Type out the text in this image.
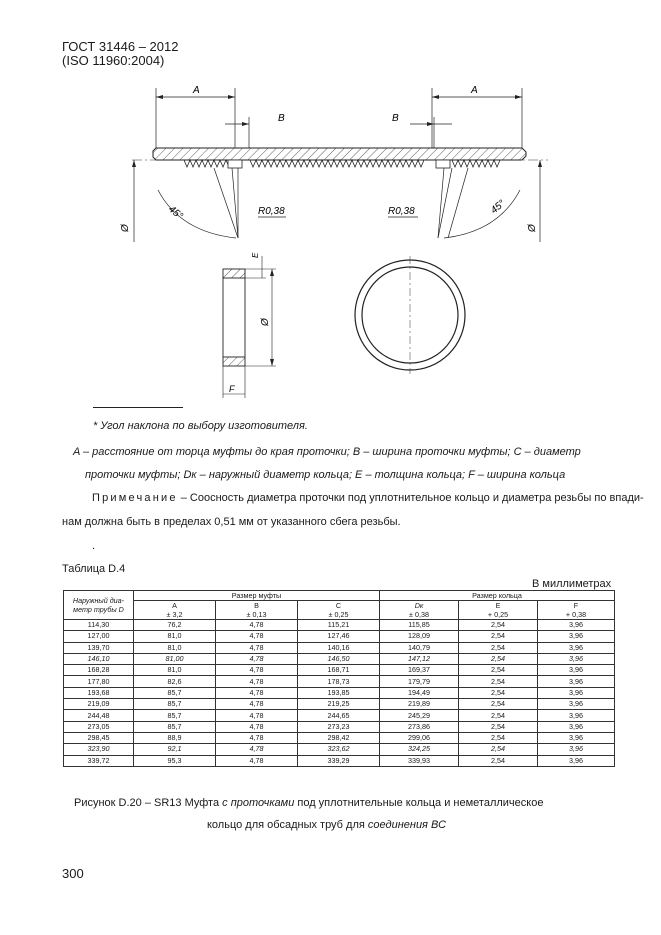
ГОСТ 31446 – 2012
(ISO 11960:2004)
A
B
A
B
R0,38	R0,38
45°	45°
Ø	Ø
E
Ø
F
* Угол наклона по выбору изготовителя.
A – расстояние от торца муфты до края проточки; B – ширина проточки муфты; C – диаметр
проточки муфты; Dк – наружный диаметр кольца; E – толщина кольца; F – ширина кольца
Примечание – Соосность диаметра проточки под уплотнительное кольцо и диаметра резьбы по впади-
нам должна быть в пределах 0,51 мм от указанного сбега резьбы.
.
Таблица D.4
В миллиметрах
Наружный диа- метр трубы D	Размер муфты			Размер кольца		
	A	B	C	Dк	E	F
	± 3,2	± 0,13	± 0,25	± 0,38	+ 0,25	+ 0,38
114,30	76,2	4,78	115,21	115,85	2,54	3,96
127,00	81,0	4,78	127,46	128,09	2,54	3,96
139,70	81,0	4,78	140,16	140,79	2,54	3,96
146,10	81,00	4,78	146,50	147,12	2,54	3,96
168,28	81,0	4,78	168,71	169,37	2,54	3,96
177,80	82,6	4,78	178,73	179,79	2,54	3,96
193,68	85,7	4,78	193,85	194,49	2,54	3,96
219,09	85,7	4,78	219,25	219,89	2,54	3,96
244,48	85,7	4,78	244,65	245,29	2,54	3,96
273,05	85,7	4,78	273,23	273,86	2,54	3,96
298,45	88,9	4,78	298,42	299,06	2,54	3,96
323,90	92,1	4,78	323,62	324,25	2,54	3,96
339,72	95,3	4,78	339,29	339,93	2,54	3,96
Рисунок D.20 – SR13 Муфта с проточками под уплотнительные кольца и неметаллическое
кольцо для обсадных труб для соединения ВС
300
